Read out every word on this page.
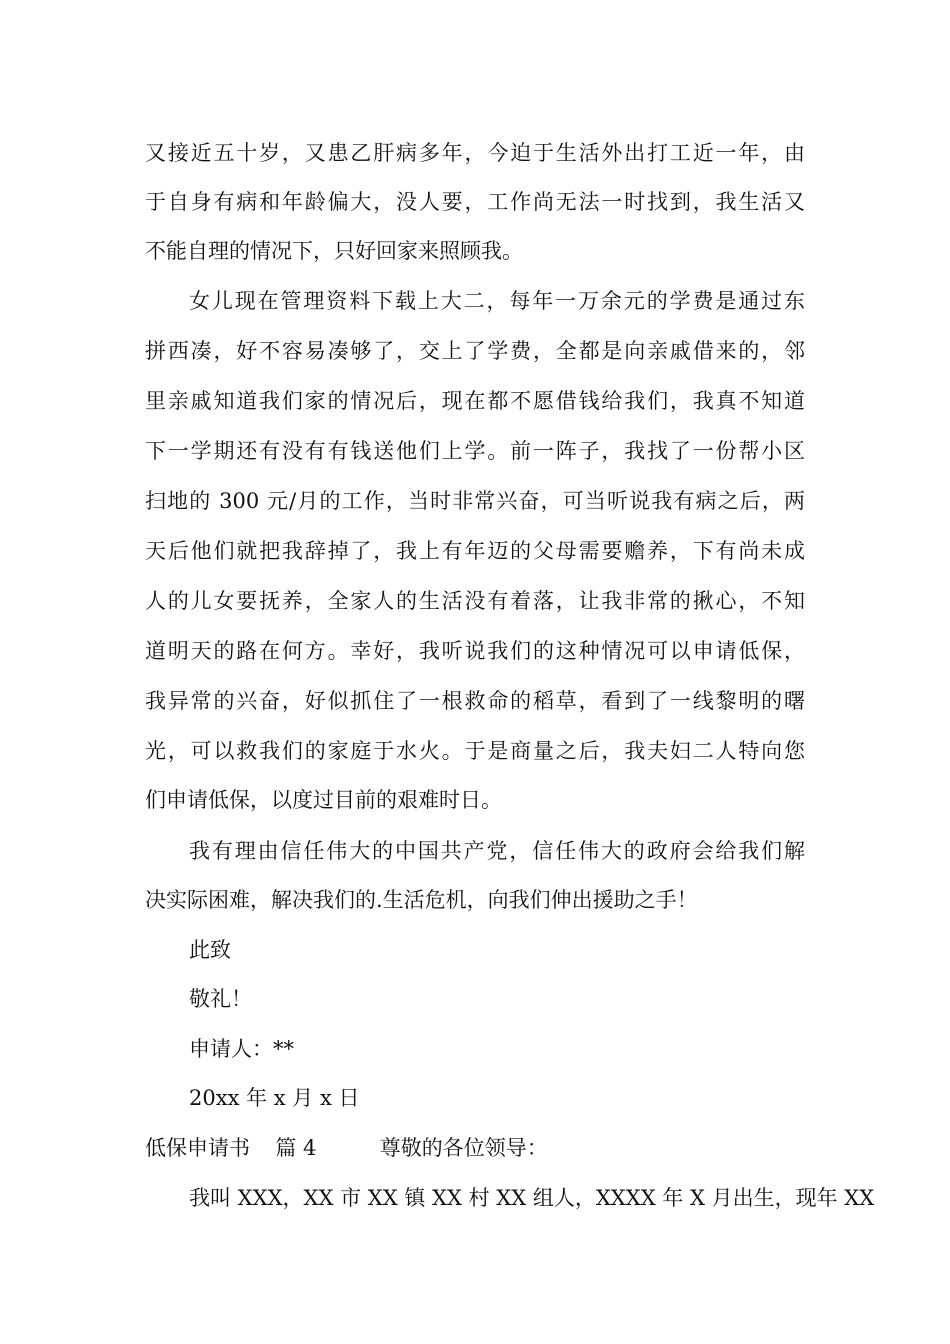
又接近五十岁，又患乙肝病多年，今迫于生活外出打工近一年，由
于自身有病和年龄偏大，没人要，工作尚无法一时找到，我生活又
不能自理的情况下，只好回家来照顾我。
女儿现在管理资料下载上大二，每年一万余元的学费是通过东
拼西凑，好不容易凑够了，交上了学费，全都是向亲戚借来的，邻
里亲戚知道我们家的情况后，现在都不愿借钱给我们，我真不知道
下一学期还有没有有钱送他们上学。前一阵子，我找了一份帮小区
扫地的 300 元/月的工作，当时非常兴奋，可当听说我有病之后，两
天后他们就把我辞掉了，我上有年迈的父母需要赡养，下有尚未成
人的儿女要抚养，全家人的生活没有着落，让我非常的揪心，不知
道明天的路在何方。幸好，我听说我们的这种情况可以申请低保，
我异常的兴奋，好似抓住了一根救命的稻草，看到了一线黎明的曙
光，可以救我们的家庭于水火。于是商量之后，我夫妇二人特向您
们申请低保，以度过目前的艰难时日。
我有理由信任伟大的中国共产党，信任伟大的政府会给我们解
决实际困难，解决我们的.生活危机，向我们伸出援助之手！
此致
敬礼！
申请人：**
20xx 年 x 月 x 日
低保申请书 篇 4	尊敬的各位领导：
我叫 XXX，XX 市 XX 镇 XX 村 XX 组人，XXXX 年 X 月出生，现年 XX
